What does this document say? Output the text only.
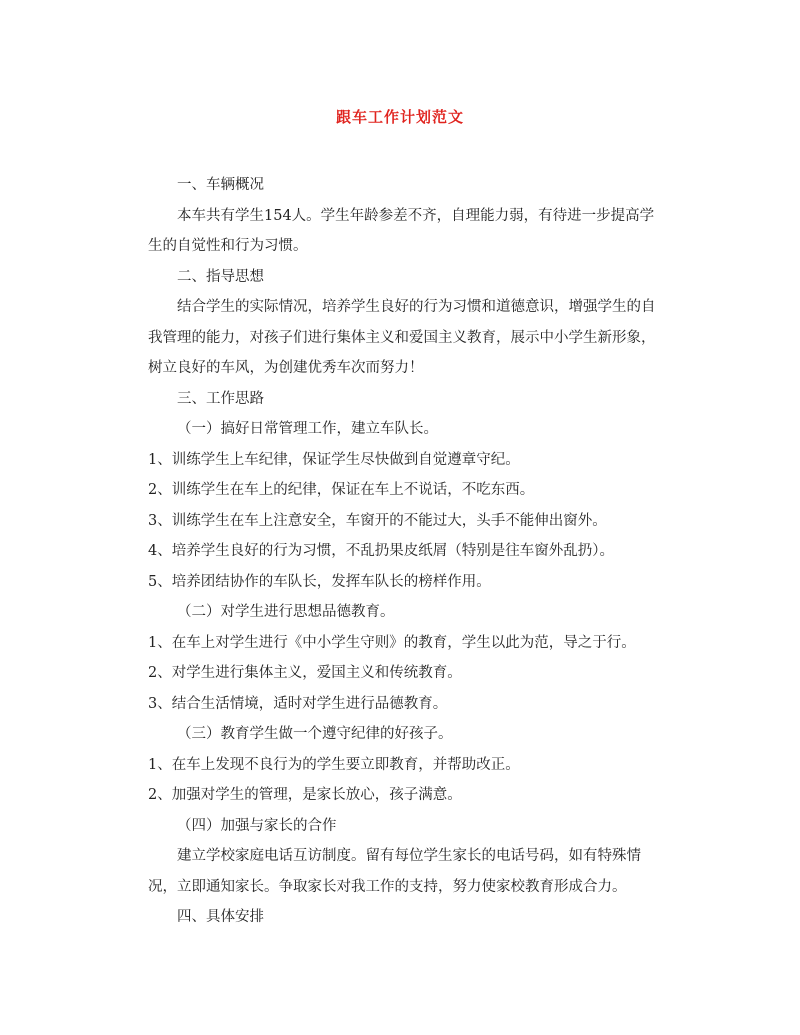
跟车工作计划范文

一、车辆概况

本车共有学生154人。学生年龄参差不齐，自理能力弱，有待进一步提高学生的自觉性和行为习惯。

二、指导思想

结合学生的实际情况，培养学生良好的行为习惯和道德意识，增强学生的自我管理的能力，对孩子们进行集体主义和爱国主义教育，展示中小学生新形象，树立良好的车风，为创建优秀车次而努力！

三、工作思路

（一）搞好日常管理工作，建立车队长。

1、训练学生上车纪律，保证学生尽快做到自觉遵章守纪。

2、训练学生在车上的纪律，保证在车上不说话，不吃东西。

3、训练学生在车上注意安全，车窗开的不能过大，头手不能伸出窗外。

4、培养学生良好的行为习惯，不乱扔果皮纸屑（特别是往车窗外乱扔）。

5、培养团结协作的车队长，发挥车队长的榜样作用。

（二）对学生进行思想品德教育。

1、在车上对学生进行《中小学生守则》的教育，学生以此为范，导之于行。

2、对学生进行集体主义，爱国主义和传统教育。

3、结合生活情境，适时对学生进行品德教育。

（三）教育学生做一个遵守纪律的好孩子。

1、在车上发现不良行为的学生要立即教育，并帮助改正。

2、加强对学生的管理，是家长放心，孩子满意。

（四）加强与家长的合作

建立学校家庭电话互访制度。留有每位学生家长的电话号码，如有特殊情况，立即通知家长。争取家长对我工作的支持，努力使家校教育形成合力。

四、具体安排
